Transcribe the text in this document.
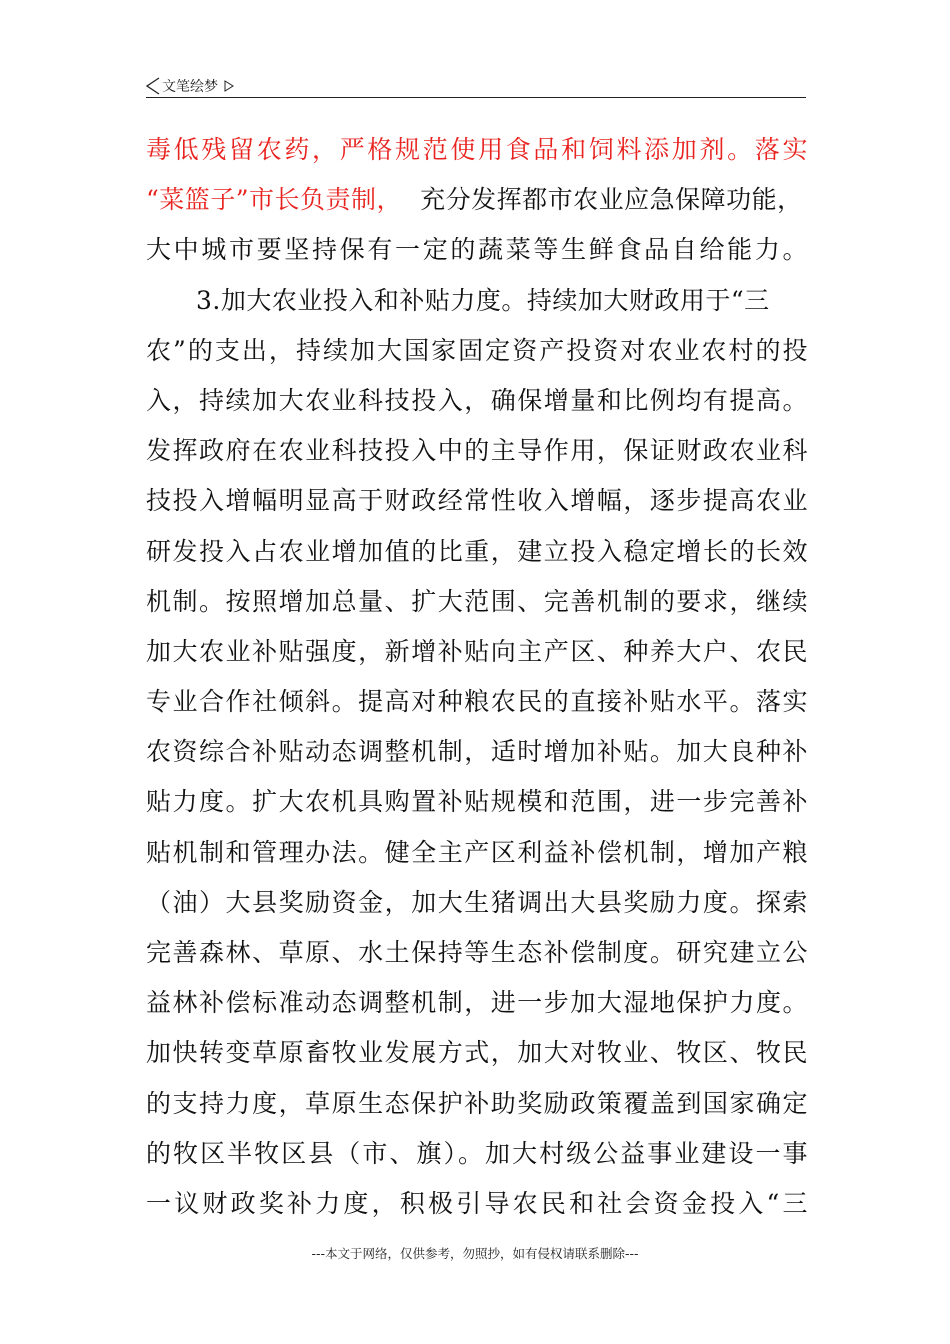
文笔绘梦
毒低残留农药，严格规范使用食品和饲料添加剂。落实
“菜篮子”市长负责制， 充分发挥都市农业应急保障功能，
大中城市要坚持保有一定的蔬菜等生鲜食品自给能力。
3.加大农业投入和补贴力度。持续加大财政用于“三
农”的支出，持续加大国家固定资产投资对农业农村的投
入，持续加大农业科技投入，确保增量和比例均有提高。
发挥政府在农业科技投入中的主导作用，保证财政农业科
技投入增幅明显高于财政经常性收入增幅，逐步提高农业
研发投入占农业增加值的比重，建立投入稳定增长的长效
机制。按照增加总量、扩大范围、完善机制的要求，继续
加大农业补贴强度，新增补贴向主产区、种养大户、农民
专业合作社倾斜。提高对种粮农民的直接补贴水平。落实
农资综合补贴动态调整机制，适时增加补贴。加大良种补
贴力度。扩大农机具购置补贴规模和范围，进一步完善补
贴机制和管理办法。健全主产区利益补偿机制，增加产粮
（油）大县奖励资金，加大生猪调出大县奖励力度。探索
完善森林、草原、水土保持等生态补偿制度。研究建立公
益林补偿标准动态调整机制，进一步加大湿地保护力度。
加快转变草原畜牧业发展方式，加大对牧业、牧区、牧民
的支持力度，草原生态保护补助奖励政策覆盖到国家确定
的牧区半牧区县（市、旗）。加大村级公益事业建设一事
一议财政奖补力度，积极引导农民和社会资金投入“三
---本文于网络，仅供参考，勿照抄，如有侵权请联系删除---
